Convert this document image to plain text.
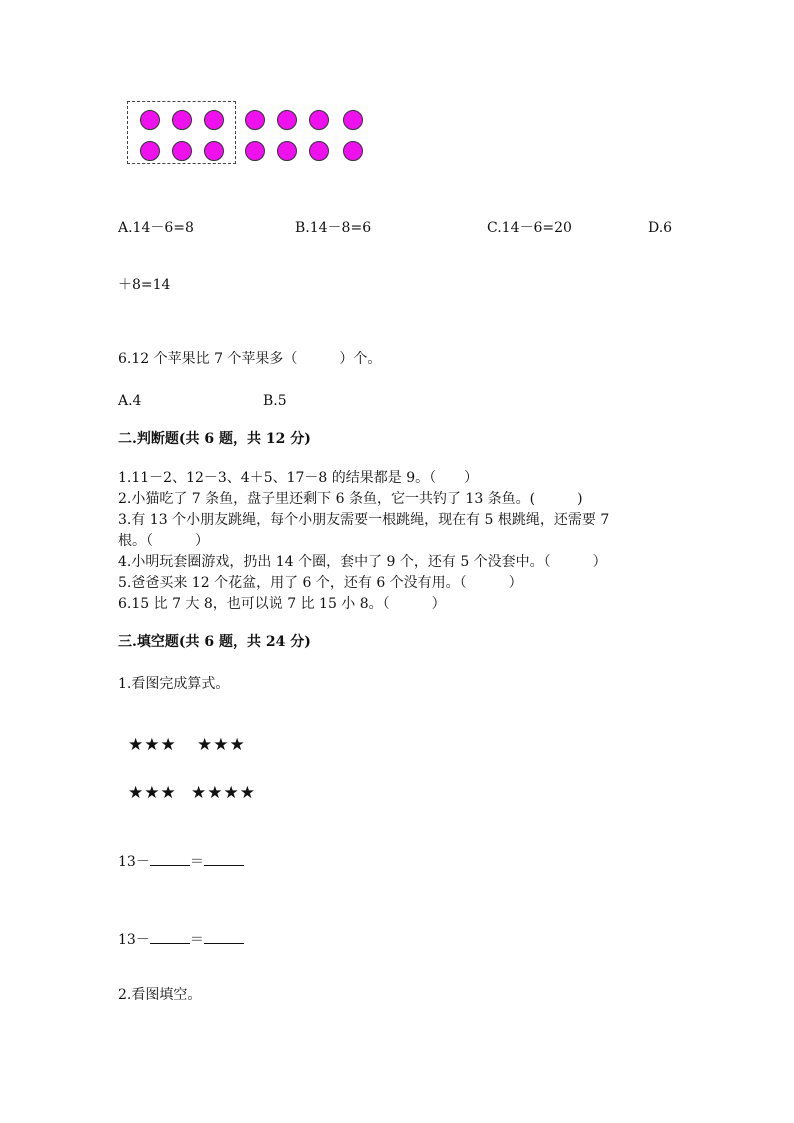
A.14－6=8	B.14－8=6	C.14－6=20	D.6
＋8=14
6.12 个苹果比 7 个苹果多（　　　）个。
A.4	B.5
二.判断题(共 6 题，共 12 分)
1.11－2、12－3、4＋5、17－8 的结果都是 9。（　　）
2.小猫吃了 7 条鱼，盘子里还剩下 6 条鱼，它一共钓了 13 条鱼。(　　　)
3.有 13 个小朋友跳绳，每个小朋友需要一根跳绳，现在有 5 根跳绳，还需要 7
根。（　　　）
4.小明玩套圈游戏，扔出 14 个圈，套中了 9 个，还有 5 个没套中。（　　　）
5.爸爸买来 12 个花盆，用了 6 个，还有 6 个没有用。（　　　）
6.15 比 7 大 8，也可以说 7 比 15 小 8。（　　　）
三.填空题(共 6 题，共 24 分)
1.看图完成算式。
★★★ ★★★
★★★ ★★★★
13－	＝
13－	＝
2.看图填空。
